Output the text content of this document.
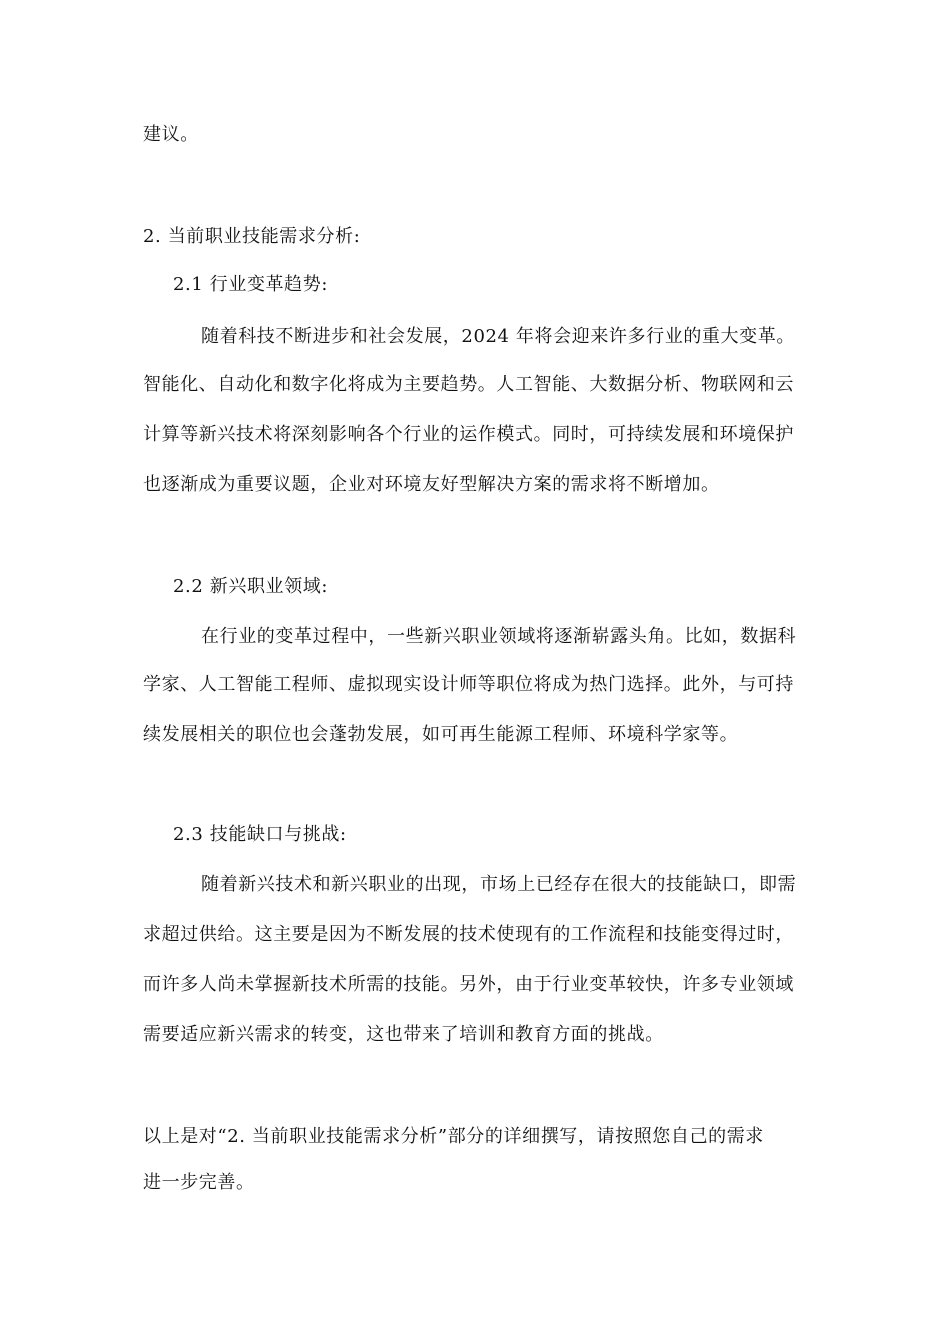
建议。
2. 当前职业技能需求分析:
2.1 行业变革趋势:
随着科技不断进步和社会发展，2024 年将会迎来许多行业的重大变革。
智能化、自动化和数字化将成为主要趋势。人工智能、大数据分析、物联网和云
计算等新兴技术将深刻影响各个行业的运作模式。同时，可持续发展和环境保护
也逐渐成为重要议题，企业对环境友好型解决方案的需求将不断增加。
2.2 新兴职业领域:
在行业的变革过程中，一些新兴职业领域将逐渐崭露头角。比如，数据科
学家、人工智能工程师、虚拟现实设计师等职位将成为热门选择。此外，与可持
续发展相关的职位也会蓬勃发展，如可再生能源工程师、环境科学家等。
2.3 技能缺口与挑战:
随着新兴技术和新兴职业的出现，市场上已经存在很大的技能缺口，即需
求超过供给。这主要是因为不断发展的技术使现有的工作流程和技能变得过时，
而许多人尚未掌握新技术所需的技能。另外，由于行业变革较快，许多专业领域
需要适应新兴需求的转变，这也带来了培训和教育方面的挑战。
以上是对“2. 当前职业技能需求分析”部分的详细撰写，请按照您自己的需求
进一步完善。
